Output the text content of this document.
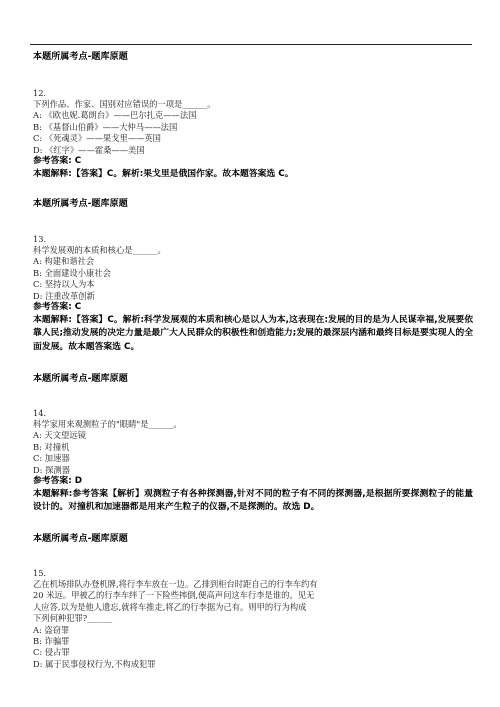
本题所属考点-题库原题
12.
下列作品、作家、国别对应错误的一项是______。
A: 《欧也妮.葛朗台》——巴尔扎克——法国
B: 《基督山伯爵》——大仲马——法国
C: 《死魂灵》——果戈里——英国
D: 《红字》——霍桑——美国
参考答案: C
本题解释:【答案】C。解析:果戈里是俄国作家。故本题答案选 C。
本题所属考点-题库原题
13.
科学发展观的本质和核心是______。
A: 构建和谐社会
B: 全面建设小康社会
C: 坚持以人为本
D: 注重改革创新
参考答案: C
本题解释:【答案】C。解析:科学发展观的本质和核心是以人为本,这表现在:发展的目的是为人民谋幸福,发展要依靠人民;推动发展的决定力量是最广大人民群众的积极性和创造能力;发展的最深层内涵和最终目标是要实现人的全面发展。故本题答案选 C。
本题所属考点-题库原题
14.
科学家用来观测粒子的"眼睛"是______。
A: 天文望远镜
B: 对撞机
C: 加速器
D: 探测器
参考答案: D
本题解释:参考答案【解析】观测粒子有各种探测器,针对不同的粒子有不同的探测器,是根据所要探测粒子的能量设计的。对撞机和加速器都是用来产生粒子的仪器,不是探测的。故选 D。
本题所属考点-题库原题
15.
乙在机场排队办登机牌,将行李车放在一边。乙排到柜台时距自己的行李车约有
20 米远。甲被乙的行李车绊了一下险些摔倒,便高声问这车行李是谁的。见无
人应答,以为是他人遗忘,就将车推走,将乙的行李据为己有。则甲的行为构成
下列何种犯罪?______
A: 盗窃罪
B: 诈骗罪
C: 侵占罪
D: 属于民事侵权行为,不构成犯罪
